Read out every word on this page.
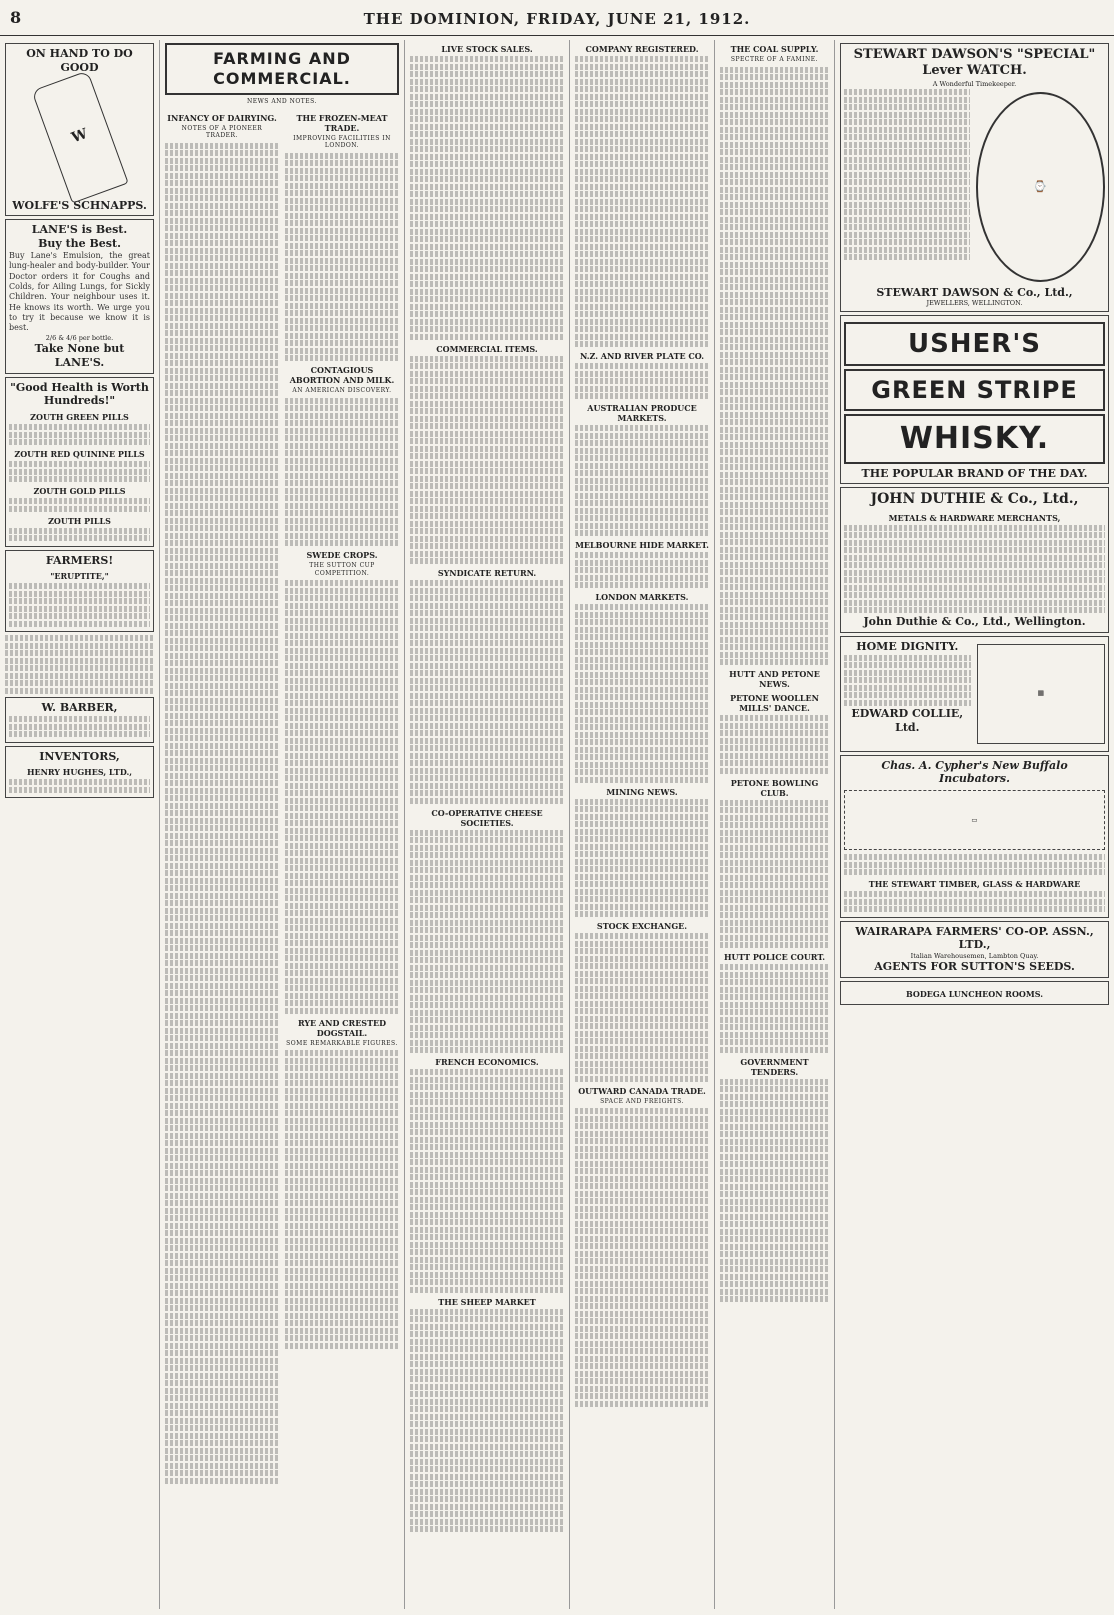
8	THE DOMINION, FRIDAY, JUNE 21, 1912.
ON HAND TO DO GOOD
W
WOLFE'S SCHNAPPS.
LANE'S is Best.
Buy the Best.
Buy Lane's Emulsion, the great lung-healer and body-builder. Your Doctor orders it for Coughs and Colds, for Ailing Lungs, for Sickly Children. Your neighbour uses it. He knows its worth. We urge you to try it because we know it is best.
2/6 & 4/6 per bottle.
Take None but LANE'S.
"Good Health is Worth Hundreds!"
ZOUTH GREEN PILLS
ZOUTH RED QUININE PILLS
ZOUTH GOLD PILLS
ZOUTH PILLS
FARMERS!
"ERUPTITE,"
W. BARBER,
INVENTORS,
HENRY HUGHES, LTD.,
FARMING AND COMMERCIAL.
NEWS AND NOTES.
INFANCY OF DAIRYING.
NOTES OF A PIONEER TRADER.
THE FROZEN-MEAT TRADE.
IMPROVING FACILITIES IN LONDON.
CONTAGIOUS ABORTION AND MILK.
AN AMERICAN DISCOVERY.
SWEDE CROPS.
THE SUTTON CUP COMPETITION.
RYE AND CRESTED DOGSTAIL.
SOME REMARKABLE FIGURES.
LIVE STOCK SALES.
COMMERCIAL ITEMS.
SYNDICATE RETURN.
CO-OPERATIVE CHEESE SOCIETIES.
FRENCH ECONOMICS.
THE SHEEP MARKET
COMPANY REGISTERED.
N.Z. AND RIVER PLATE CO.
AUSTRALIAN PRODUCE MARKETS.
MELBOURNE HIDE MARKET.
LONDON MARKETS.
MINING NEWS.
STOCK EXCHANGE.
OUTWARD CANADA TRADE.
SPACE AND FREIGHTS.
THE COAL SUPPLY.
SPECTRE OF A FAMINE.
HUTT AND PETONE NEWS.
PETONE WOOLLEN MILLS' DANCE.
PETONE BOWLING CLUB.
HUTT POLICE COURT.
GOVERNMENT TENDERS.
STEWART DAWSON'S "SPECIAL" Lever WATCH.
A Wonderful Timekeeper.
⌚
STEWART DAWSON & Co., Ltd.,
JEWELLERS, WELLINGTON.
USHER'S
GREEN STRIPE
WHISKY.
THE POPULAR BRAND OF THE DAY.
JOHN DUTHIE & Co., Ltd.,
METALS & HARDWARE MERCHANTS,
John Duthie & Co., Ltd., Wellington.
HOME DIGNITY.
EDWARD COLLIE, Ltd.
▦
Chas. A. Cypher's New Buffalo Incubators.
▭
THE STEWART TIMBER, GLASS & HARDWARE
WAIRARAPA FARMERS' CO-OP. ASSN., LTD.,
Italian Warehousemen, Lambton Quay.
AGENTS FOR SUTTON'S SEEDS.
BODEGA LUNCHEON ROOMS.
